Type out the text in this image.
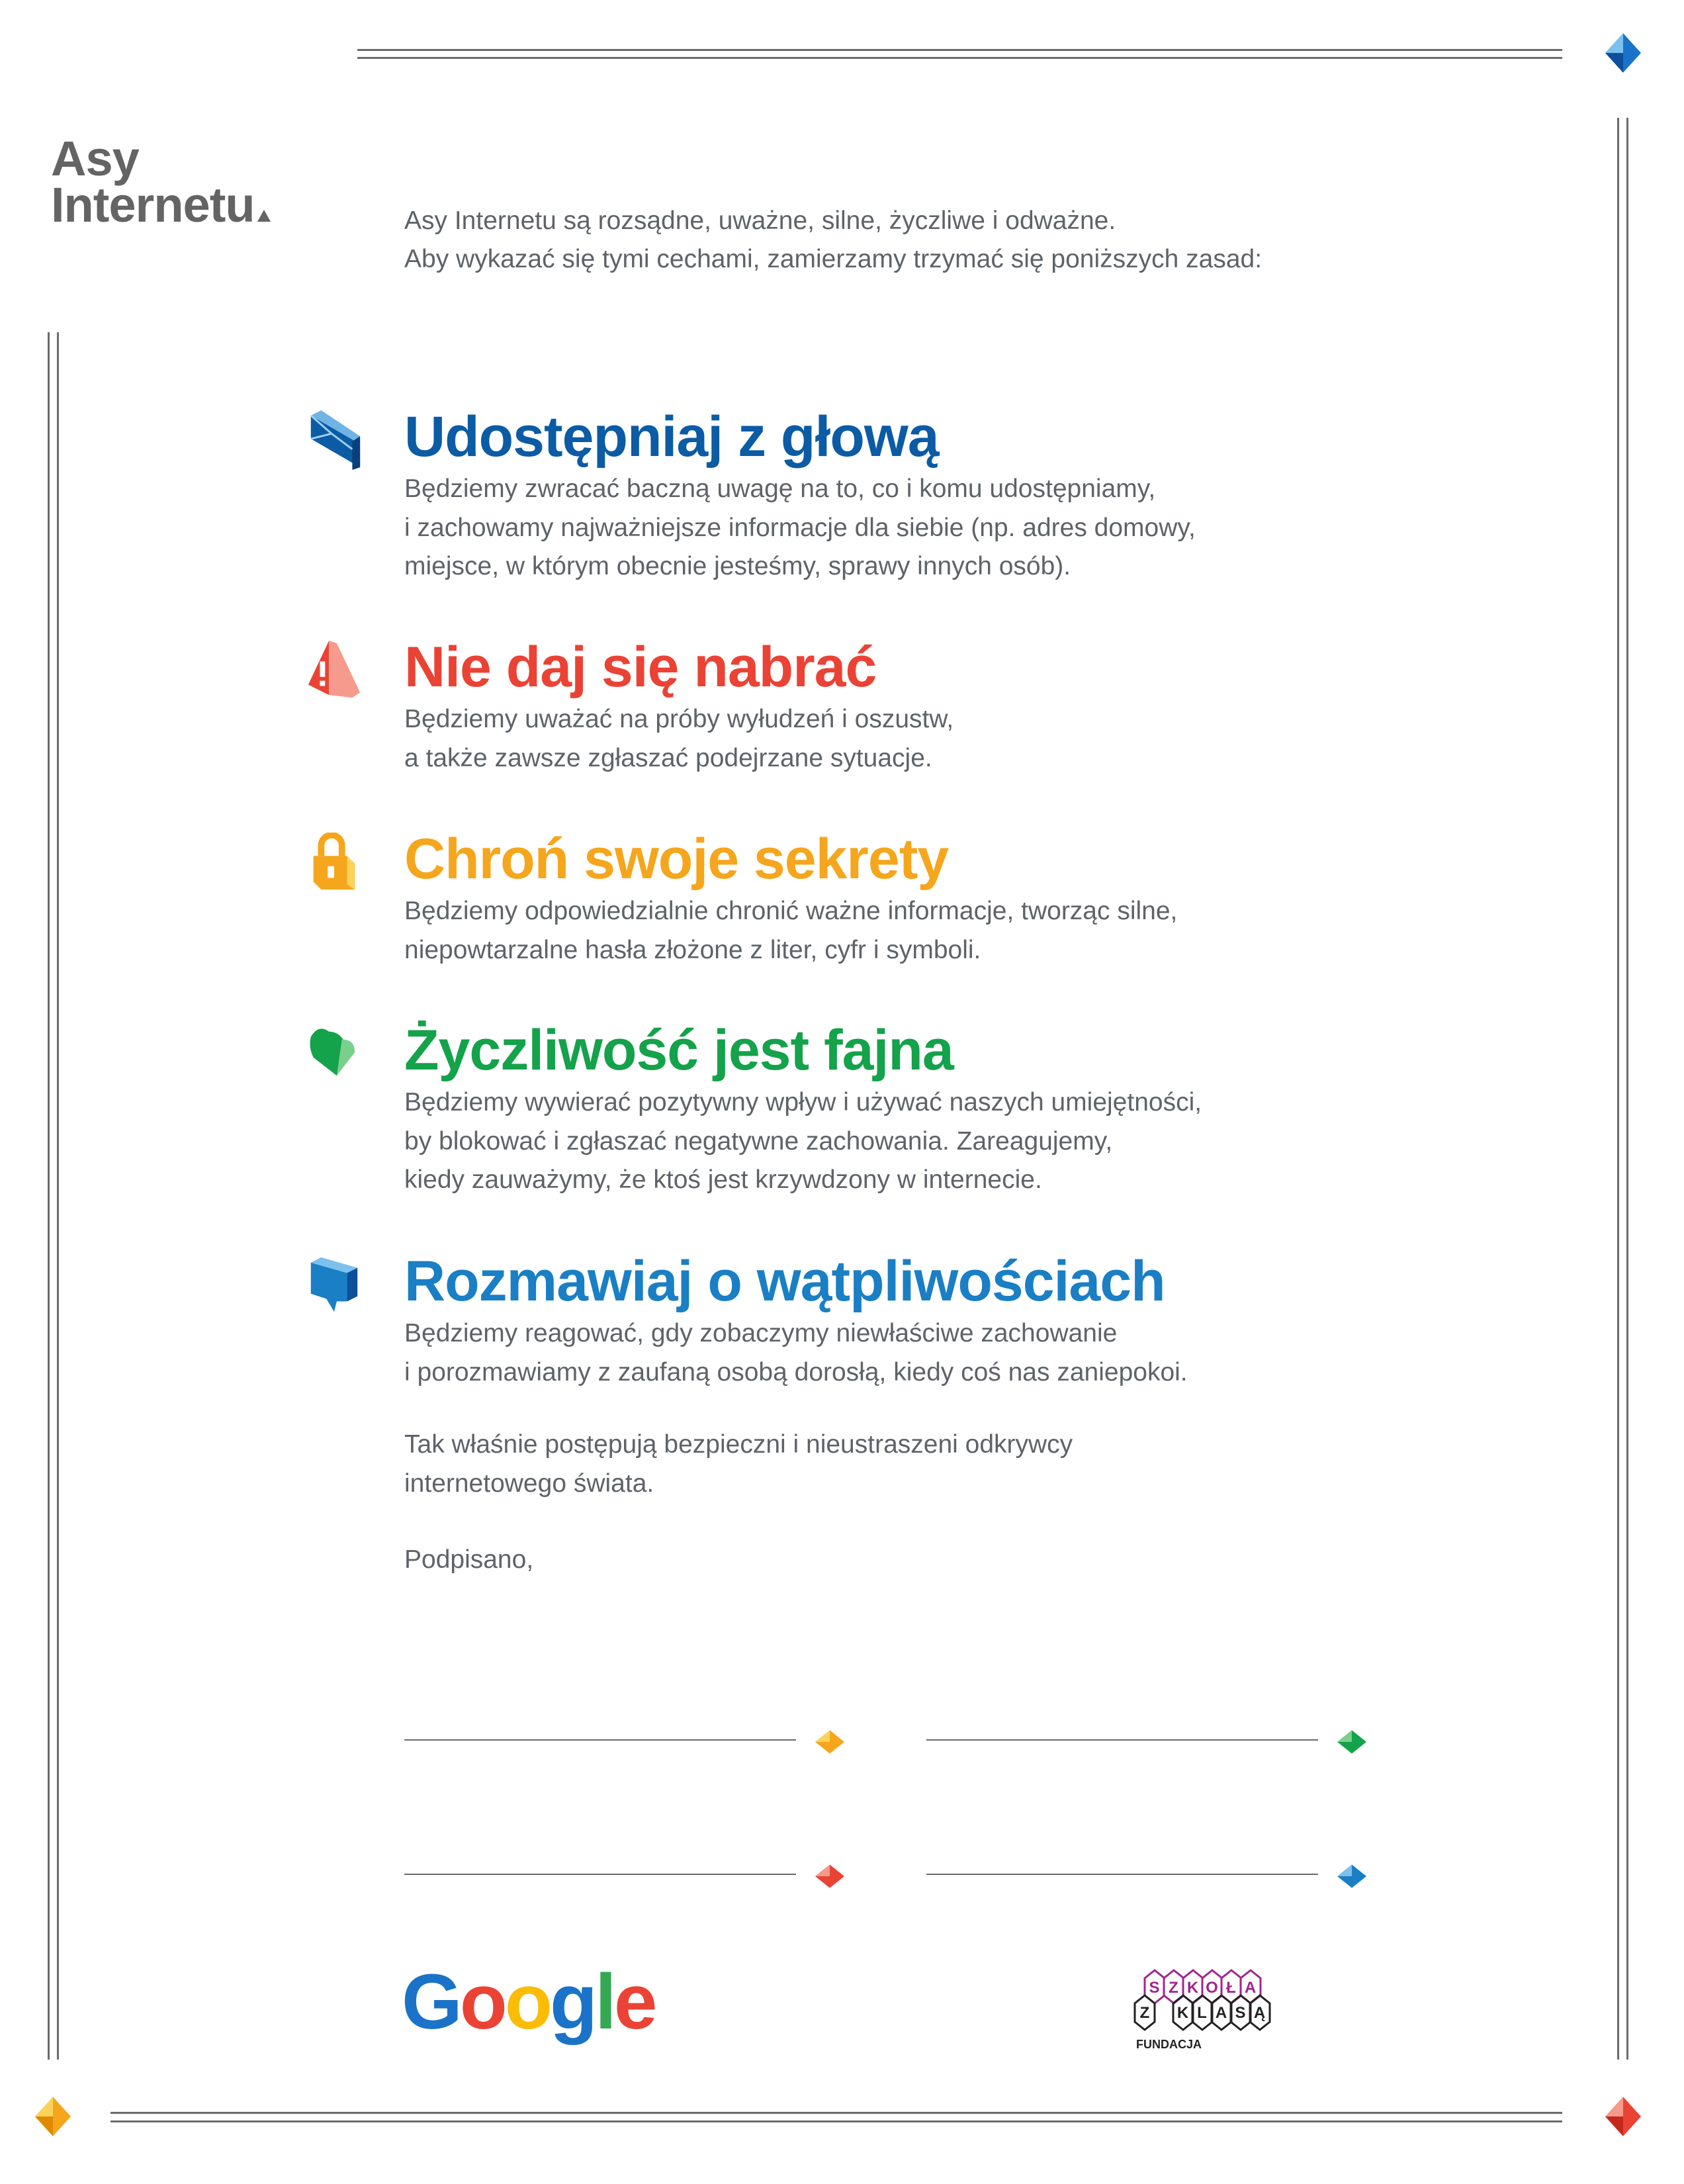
Asy
Internetu	Asy Internetu są rozsądne, uważne, silne, życzliwe i odważne.
Aby wykazać się tymi cechami, zamierzamy trzymać się poniższych zasad:
Udostępniaj z głową
Będziemy zwracać baczną uwagę na to, co i komu udostępniamy,
i zachowamy najważniejsze informacje dla siebie (np. adres domowy,
miejsce, w którym obecnie jesteśmy, sprawy innych osób).
Nie daj się nabrać
Będziemy uważać na próby wyłudzeń i oszustw,
a także zawsze zgłaszać podejrzane sytuacje.
Chroń swoje sekrety
Będziemy odpowiedzialnie chronić ważne informacje, tworząc silne,
niepowtarzalne hasła złożone z liter, cyfr i symboli.
Życzliwość jest fajna
Będziemy wywierać pozytywny wpływ i używać naszych umiejętności,
by blokować i zgłaszać negatywne zachowania. Zareagujemy,
kiedy zauważymy, że ktoś jest krzywdzony w internecie.
Rozmawiaj o wątpliwościach
Będziemy reagować, gdy zobaczymy niewłaściwe zachowanie
i porozmawiamy z zaufaną osobą dorosłą, kiedy coś nas zaniepokoi.
Tak właśnie postępują bezpieczni i nieustraszeni odkrywcy
internetowego świata.
Podpisano,
Google	S Z K O Ł A
Z	K L A S Ą
FUNDACJA
